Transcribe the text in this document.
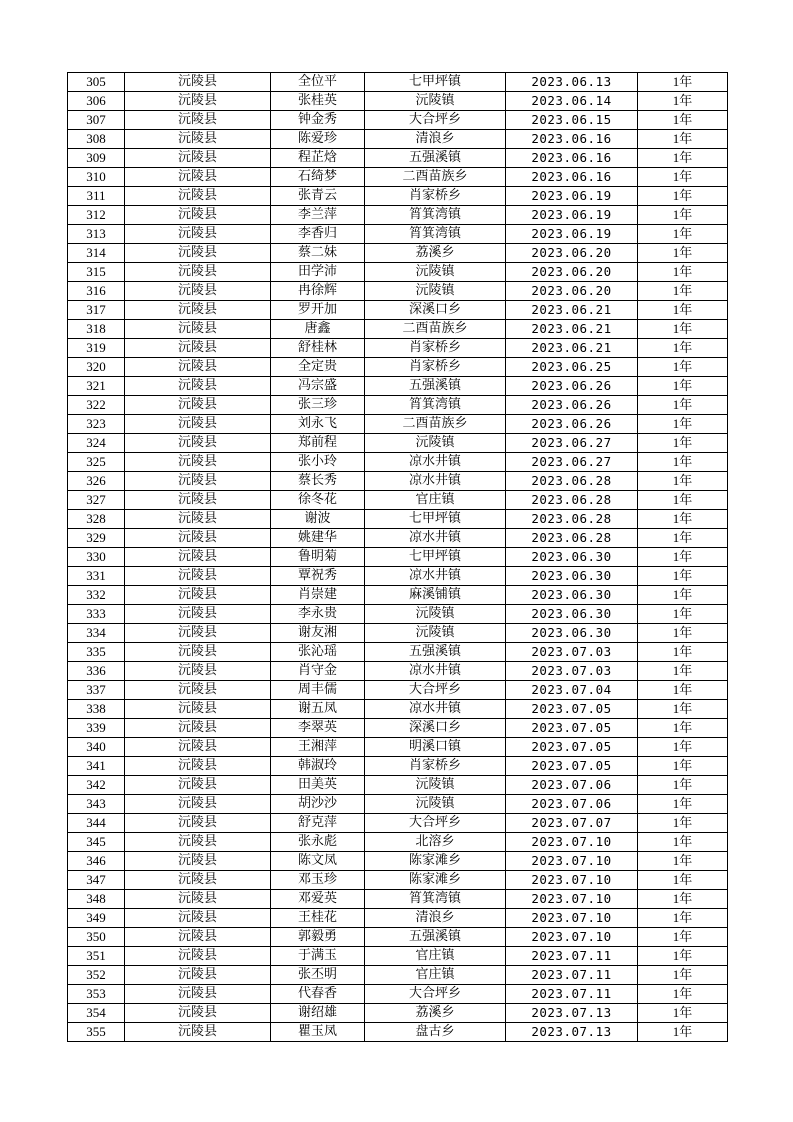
305	沅陵县	全位平	七甲坪镇	2023.06.13	1年
306	沅陵县	张桂英	沅陵镇	2023.06.14	1年
307	沅陵县	钟金秀	大合坪乡	2023.06.15	1年
308	沅陵县	陈爱珍	清浪乡	2023.06.16	1年
309	沅陵县	程芷焓	五强溪镇	2023.06.16	1年
310	沅陵县	石绮梦	二酉苗族乡	2023.06.16	1年
311	沅陵县	张青云	肖家桥乡	2023.06.19	1年
312	沅陵县	李兰萍	筲箕湾镇	2023.06.19	1年
313	沅陵县	李香归	筲箕湾镇	2023.06.19	1年
314	沅陵县	蔡二妹	荔溪乡	2023.06.20	1年
315	沅陵县	田学沛	沅陵镇	2023.06.20	1年
316	沅陵县	冉徐辉	沅陵镇	2023.06.20	1年
317	沅陵县	罗开加	深溪口乡	2023.06.21	1年
318	沅陵县	唐鑫	二酉苗族乡	2023.06.21	1年
319	沅陵县	舒桂林	肖家桥乡	2023.06.21	1年
320	沅陵县	全定贵	肖家桥乡	2023.06.25	1年
321	沅陵县	冯宗盛	五强溪镇	2023.06.26	1年
322	沅陵县	张三珍	筲箕湾镇	2023.06.26	1年
323	沅陵县	刘永飞	二酉苗族乡	2023.06.26	1年
324	沅陵县	郑前程	沅陵镇	2023.06.27	1年
325	沅陵县	张小玲	凉水井镇	2023.06.27	1年
326	沅陵县	蔡长秀	凉水井镇	2023.06.28	1年
327	沅陵县	徐冬花	官庄镇	2023.06.28	1年
328	沅陵县	谢波	七甲坪镇	2023.06.28	1年
329	沅陵县	姚建华	凉水井镇	2023.06.28	1年
330	沅陵县	鲁明菊	七甲坪镇	2023.06.30	1年
331	沅陵县	覃祝秀	凉水井镇	2023.06.30	1年
332	沅陵县	肖崇建	麻溪铺镇	2023.06.30	1年
333	沅陵县	李永贵	沅陵镇	2023.06.30	1年
334	沅陵县	谢友湘	沅陵镇	2023.06.30	1年
335	沅陵县	张沁瑶	五强溪镇	2023.07.03	1年
336	沅陵县	肖守金	凉水井镇	2023.07.03	1年
337	沅陵县	周丰儒	大合坪乡	2023.07.04	1年
338	沅陵县	谢五凤	凉水井镇	2023.07.05	1年
339	沅陵县	李翠英	深溪口乡	2023.07.05	1年
340	沅陵县	王湘萍	明溪口镇	2023.07.05	1年
341	沅陵县	韩淑玲	肖家桥乡	2023.07.05	1年
342	沅陵县	田美英	沅陵镇	2023.07.06	1年
343	沅陵县	胡沙沙	沅陵镇	2023.07.06	1年
344	沅陵县	舒克萍	大合坪乡	2023.07.07	1年
345	沅陵县	张永彪	北溶乡	2023.07.10	1年
346	沅陵县	陈文凤	陈家滩乡	2023.07.10	1年
347	沅陵县	邓玉珍	陈家滩乡	2023.07.10	1年
348	沅陵县	邓爱英	筲箕湾镇	2023.07.10	1年
349	沅陵县	王桂花	清浪乡	2023.07.10	1年
350	沅陵县	郭毅勇	五强溪镇	2023.07.10	1年
351	沅陵县	于满玉	官庄镇	2023.07.11	1年
352	沅陵县	张丕明	官庄镇	2023.07.11	1年
353	沅陵县	代春香	大合坪乡	2023.07.11	1年
354	沅陵县	谢绍雄	荔溪乡	2023.07.13	1年
355	沅陵县	瞿玉凤	盘古乡	2023.07.13	1年
